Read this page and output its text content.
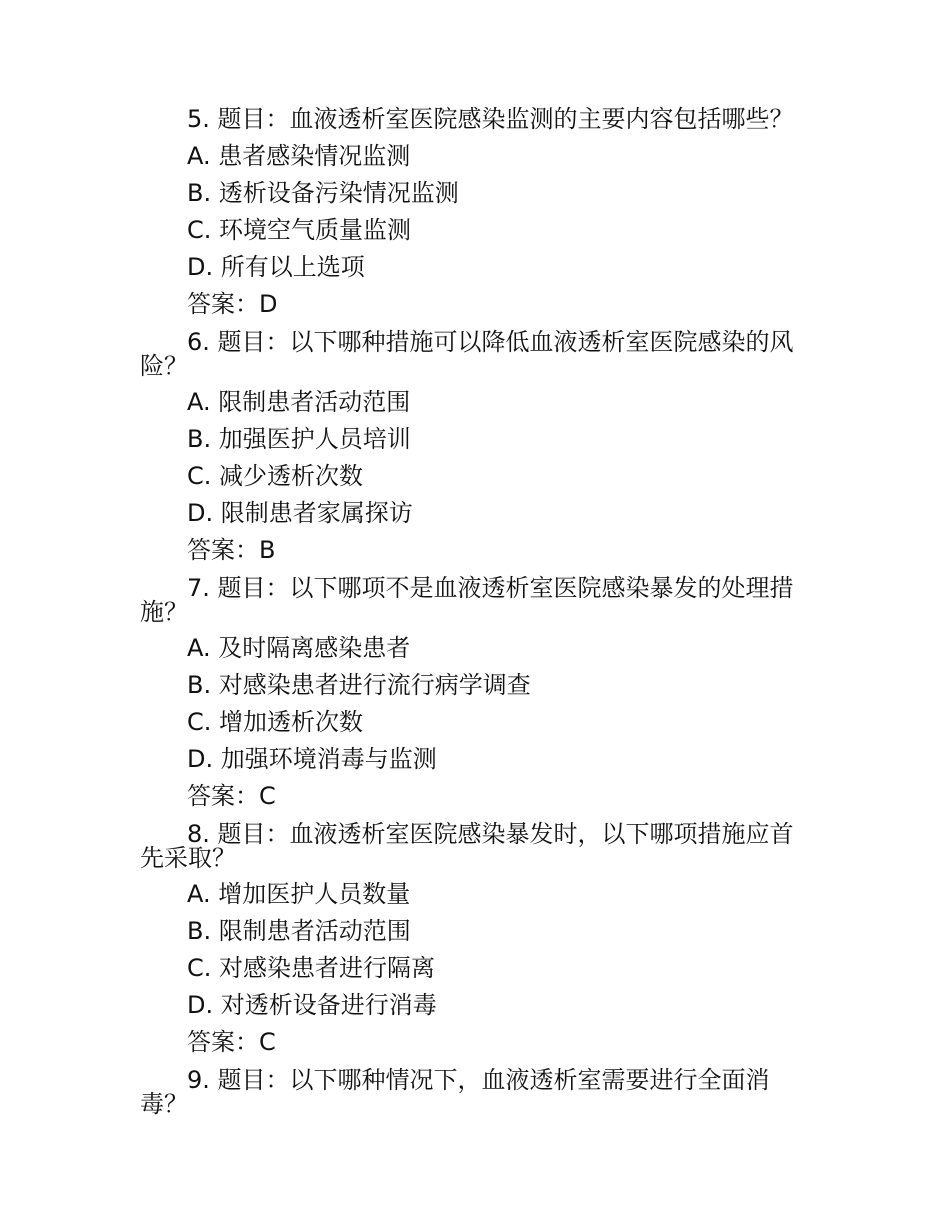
5. 题目：血液透析室医院感染监测的主要内容包括哪些？

A. 患者感染情况监测

B. 透析设备污染情况监测

C. 环境空气质量监测

D. 所有以上选项

答案：D

6. 题目：以下哪种措施可以降低血液透析室医院感染的风险？

A. 限制患者活动范围

B. 加强医护人员培训

C. 减少透析次数

D. 限制患者家属探访

答案：B

7. 题目：以下哪项不是血液透析室医院感染暴发的处理措施？

A. 及时隔离感染患者

B. 对感染患者进行流行病学调查

C. 增加透析次数

D. 加强环境消毒与监测

答案：C

8. 题目：血液透析室医院感染暴发时，以下哪项措施应首先采取？

A. 增加医护人员数量

B. 限制患者活动范围

C. 对感染患者进行隔离

D. 对透析设备进行消毒

答案：C

9. 题目：以下哪种情况下，血液透析室需要进行全面消毒？
